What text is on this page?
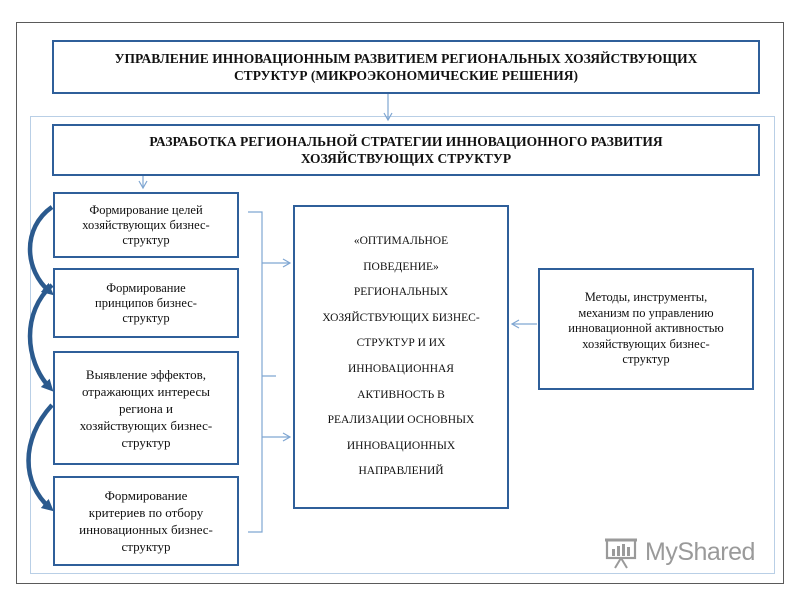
УПРАВЛЕНИЕ ИННОВАЦИОННЫМ РАЗВИТИЕМ РЕГИОНАЛЬНЫХ ХОЗЯЙСТВУЮЩИХ
СТРУКТУР (МИКРОЭКОНОМИЧЕСКИЕ РЕШЕНИЯ)
РАЗРАБОТКА РЕГИОНАЛЬНОЙ СТРАТЕГИИ ИННОВАЦИОННОГО РАЗВИТИЯ
ХОЗЯЙСТВУЮЩИХ СТРУКТУР
Формирование целей
хозяйствующих бизнес-
структур
Формирование
принципов бизнес-
структур
Выявление эффектов,
отражающих интересы
региона и
хозяйствующих бизнес-
структур
Формирование
критериев по отбору
инновационных бизнес-
структур
«ОПТИМАЛЬНОЕ
ПОВЕДЕНИЕ»
РЕГИОНАЛЬНЫХ
ХОЗЯЙСТВУЮЩИХ БИЗНЕС-
СТРУКТУР И ИХ
ИННОВАЦИОННАЯ
АКТИВНОСТЬ В
РЕАЛИЗАЦИИ ОСНОВНЫХ
ИННОВАЦИОННЫХ
НАПРАВЛЕНИЙ
Методы, инструменты,
механизм по управлению
инновационной активностью
хозяйствующих бизнес-
структур
MyShared
